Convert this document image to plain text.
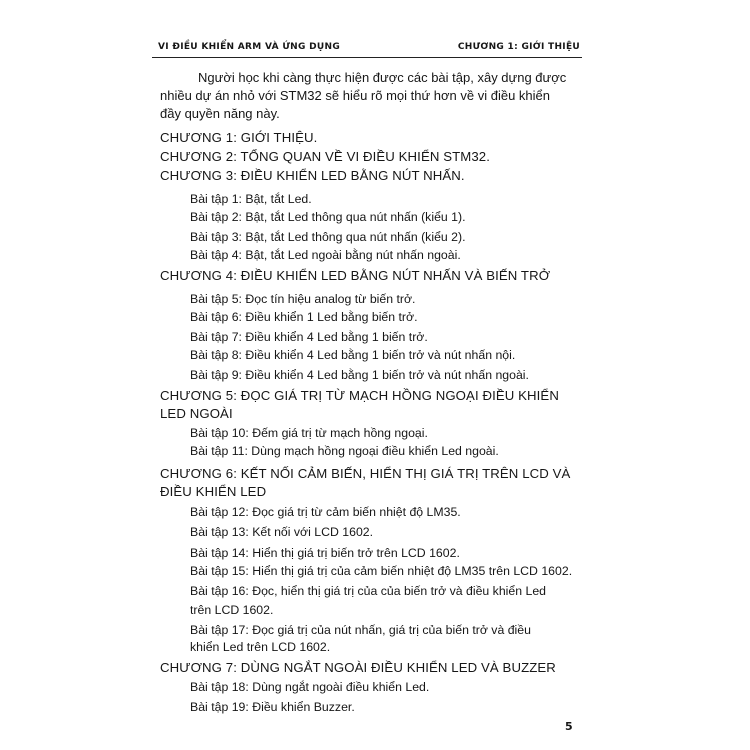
VI ĐIỀU KHIỂN ARM VÀ ỨNG DỤNG	CHƯƠNG 1: GIỚI THIỆU
Người học khi càng thực hiện được các bài tập, xây dựng được
nhiều dự án nhỏ với STM32 sẽ hiểu rõ mọi thứ hơn về vi điều khiển
đầy quyền năng này.
CHƯƠNG 1: GIỚI THIỆU.
CHƯƠNG 2: TỔNG QUAN VỀ VI ĐIỀU KHIỂN STM32.
CHƯƠNG 3: ĐIỀU KHIỂN LED BẰNG NÚT NHẤN.
Bài tập 1: Bật, tắt Led.
Bài tập 2: Bật, tắt Led thông qua nút nhấn (kiểu 1).
Bài tập 3: Bật, tắt Led thông qua nút nhấn (kiểu 2).
Bài tập 4: Bật, tắt Led ngoài bằng nút nhấn ngoài.
CHƯƠNG 4: ĐIỀU KHIỂN LED BẰNG NÚT NHẤN VÀ BIẾN TRỞ
Bài tập 5: Đọc tín hiệu analog từ biến trở.
Bài tập 6: Điều khiển 1 Led bằng biến trở.
Bài tập 7: Điều khiển 4 Led bằng 1 biến trở.
Bài tập 8: Điều khiển 4 Led bằng 1 biến trở và nút nhấn nội.
Bài tập 9: Điều khiển 4 Led bằng 1 biến trở và nút nhấn ngoài.
CHƯƠNG 5: ĐỌC GIÁ TRỊ TỪ MẠCH HỒNG NGOẠI ĐIỀU KHIỂN
LED NGOÀI
Bài tập 10: Đếm giá trị từ mạch hồng ngoại.
Bài tập 11: Dùng mạch hồng ngoại điều khiển Led ngoài.
CHƯƠNG 6: KẾT NỐI CẢM BIẾN, HIỂN THỊ GIÁ TRỊ TRÊN LCD VÀ
ĐIỀU KHIỂN LED
Bài tập 12: Đọc giá trị từ cảm biến nhiệt độ LM35.
Bài tập 13: Kết nối với LCD 1602.
Bài tập 14: Hiển thị giá trị biến trở trên LCD 1602.
Bài tập 15: Hiển thị giá trị của cảm biến nhiệt độ LM35 trên LCD 1602.
Bài tập 16: Đọc, hiển thị giá trị của của biến trở và điều khiển Led
trên LCD 1602.
Bài tập 17: Đọc giá trị của nút nhấn, giá trị của biến trở và điều
khiển Led trên LCD 1602.
CHƯƠNG 7: DÙNG NGẮT NGOÀI ĐIỀU KHIỂN LED VÀ BUZZER
Bài tập 18: Dùng ngắt ngoài điều khiển Led.
Bài tập 19: Điều khiển Buzzer.
5
